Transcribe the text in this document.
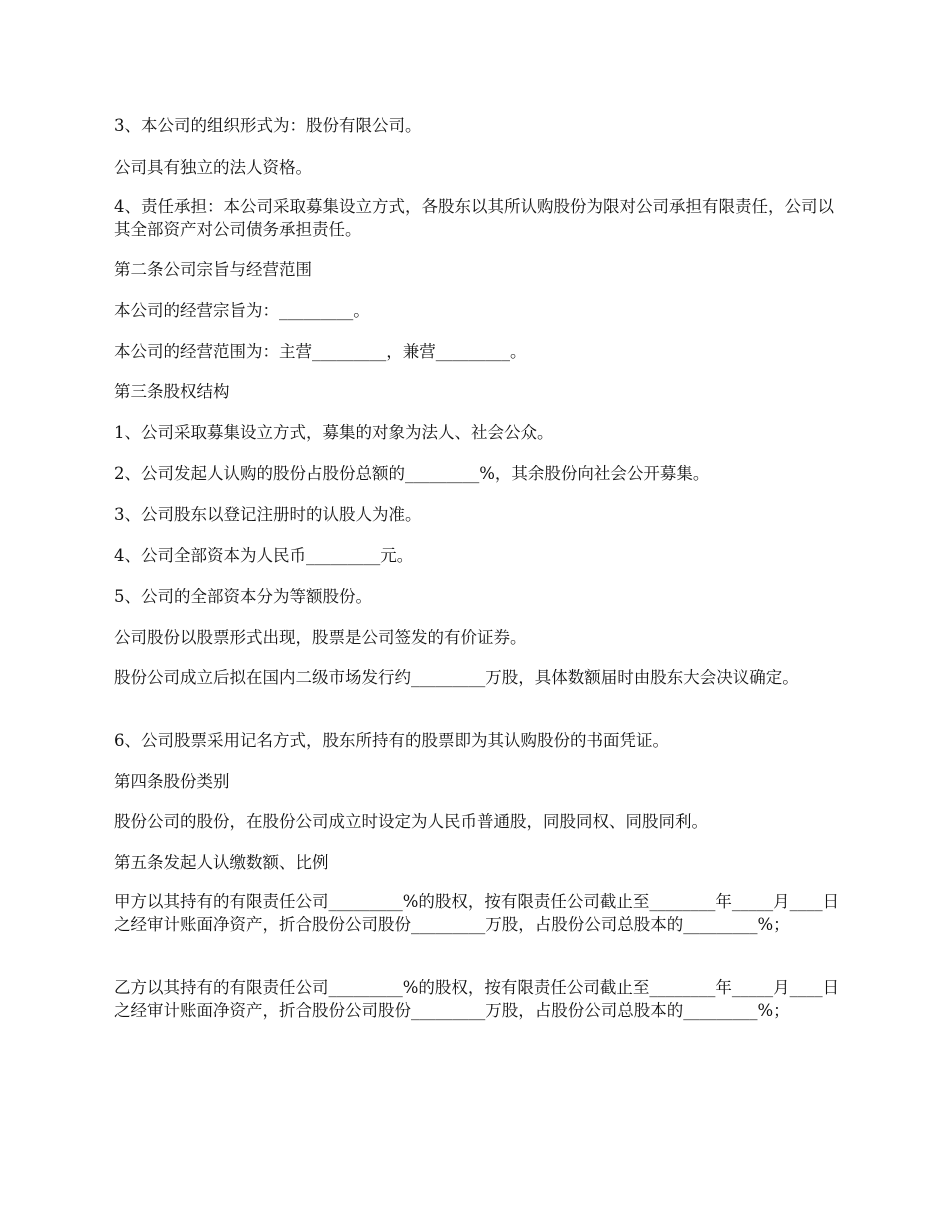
3、本公司的组织形式为：股份有限公司。

公司具有独立的法人资格。

4、责任承担：本公司采取募集设立方式，各股东以其所认购股份为限对公司承担有限责任，公司以其全部资产对公司债务承担责任。

第二条公司宗旨与经营范围

本公司的经营宗旨为：_________。

本公司的经营范围为：主营_________，兼营_________。

第三条股权结构

1、公司采取募集设立方式，募集的对象为法人、社会公众。

2、公司发起人认购的股份占股份总额的_________%，其余股份向社会公开募集。

3、公司股东以登记注册时的认股人为准。

4、公司全部资本为人民币_________元。

5、公司的全部资本分为等额股份。

公司股份以股票形式出现，股票是公司签发的有价证券。

股份公司成立后拟在国内二级市场发行约_________万股，具体数额届时由股东大会决议确定。

6、公司股票采用记名方式，股东所持有的股票即为其认购股份的书面凭证。

第四条股份类别

股份公司的股份，在股份公司成立时设定为人民币普通股，同股同权、同股同利。

第五条发起人认缴数额、比例

甲方以其持有的有限责任公司_________%的股权，按有限责任公司截止至________年_____月____日之经审计账面净资产，折合股份公司股份_________万股，占股份公司总股本的_________%；

乙方以其持有的有限责任公司_________%的股权，按有限责任公司截止至________年_____月____日之经审计账面净资产，折合股份公司股份_________万股，占股份公司总股本的_________%；
